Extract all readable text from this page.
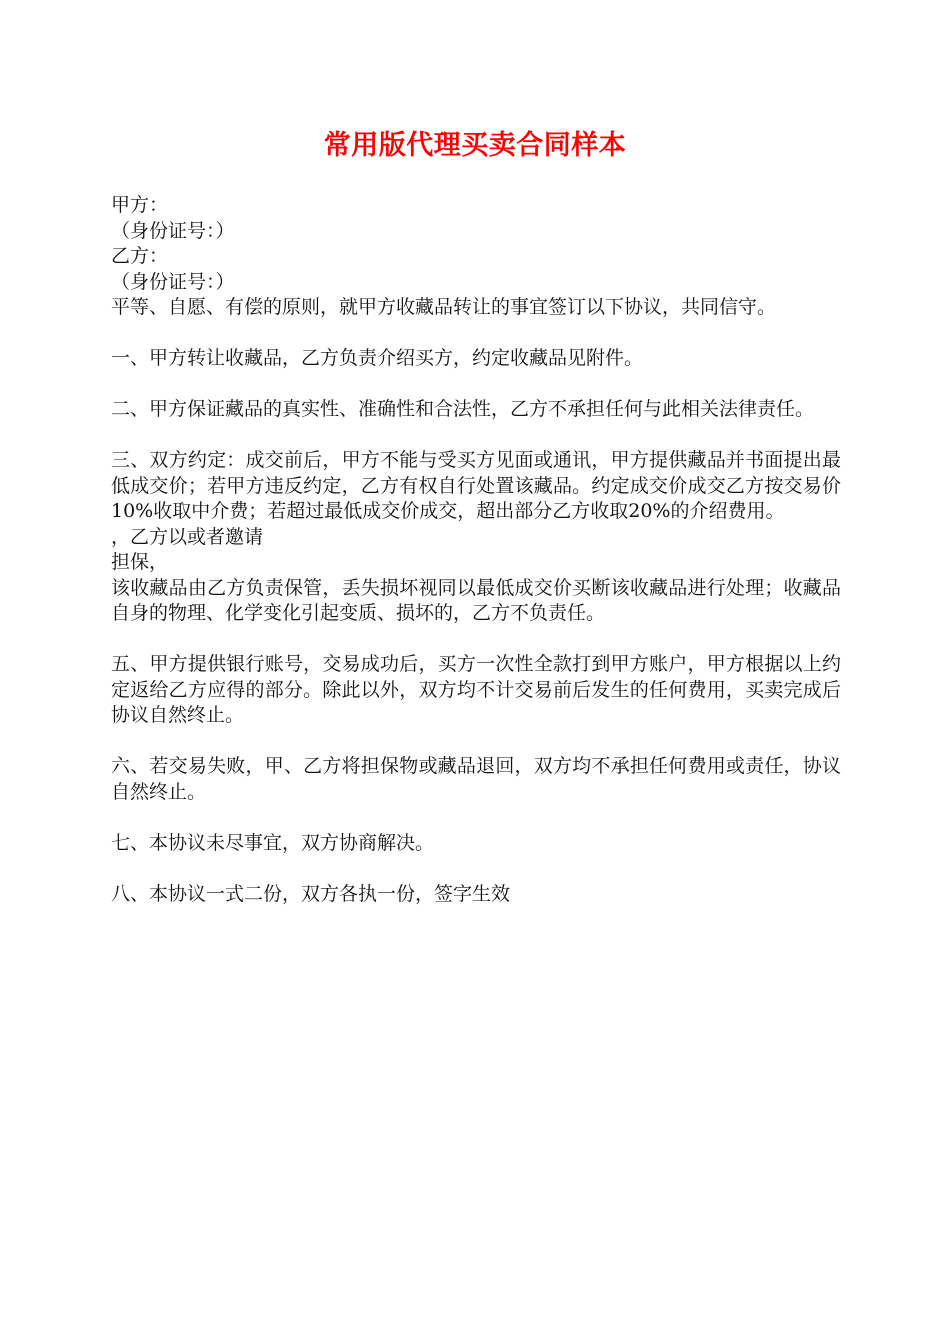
常用版代理买卖合同样本
甲方：
（身份证号：）
乙方：
（身份证号：）
平等、自愿、有偿的原则，就甲方收藏品转让的事宜签订以下协议，共同信守。
一、甲方转让收藏品，乙方负责介绍买方，约定收藏品见附件。
二、甲方保证藏品的真实性、准确性和合法性，乙方不承担任何与此相关法律责任。
三、双方约定：成交前后，甲方不能与受买方见面或通讯，甲方提供藏品并书面提出最低成交价；若甲方违反约定，乙方有权自行处置该藏品。约定成交价成交乙方按交易价10%收取中介费；若超过最低成交价成交，超出部分乙方收取20%的介绍费用。
，乙方以或者邀请
担保，
该收藏品由乙方负责保管，丢失损坏视同以最低成交价买断该收藏品进行处理；收藏品自身的物理、化学变化引起变质、损坏的，乙方不负责任。
五、甲方提供银行账号，交易成功后，买方一次性全款打到甲方账户，甲方根据以上约定返给乙方应得的部分。除此以外，双方均不计交易前后发生的任何费用，买卖完成后协议自然终止。
六、若交易失败，甲、乙方将担保物或藏品退回，双方均不承担任何费用或责任，协议自然终止。
七、本协议未尽事宜，双方协商解决。
八、本协议一式二份，双方各执一份，签字生效
